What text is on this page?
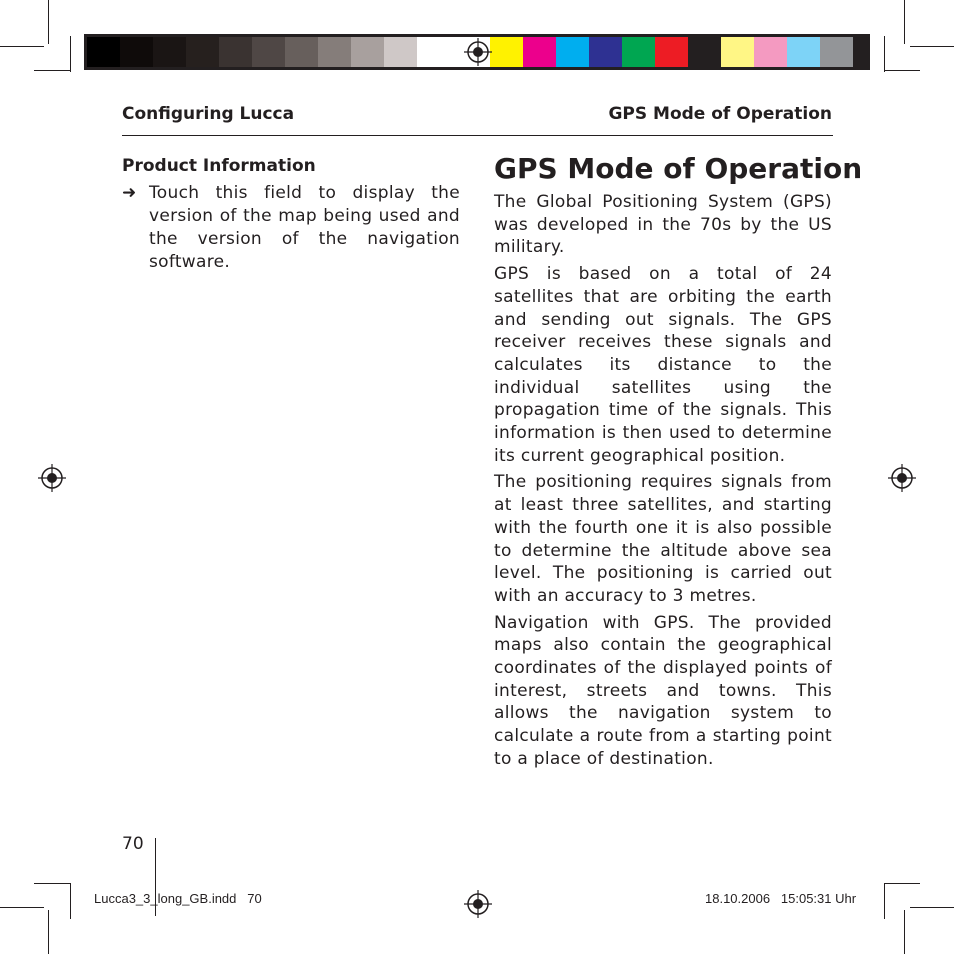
Configuring Lucca	GPS Mode of Operation
Product Information
➜ Touch this field to display the version of the map being used and the version of the navigation software.
GPS Mode of Operation

The Global Positioning System (GPS) was developed in the 70s by the US military.

GPS is based on a total of 24 satellites that are orbiting the earth and sending out signals. The GPS receiver receives these signals and calculates its distance to the individual satellites using the propagation time of the signals. This information is then used to determine its current geographical position.

The positioning requires signals from at least three satellites, and starting with the fourth one it is also possible to determine the altitude above sea level. The positioning is carried out with an accuracy to 3 metres.

Navigation with GPS. The provided maps also contain the geographical coordinates of the displayed points of interest, streets and towns. This allows the navigation system to calculate a route from a starting point to a place of destination.

70
Lucca3_3_long_GB.indd   70	18.10.2006   15:05:31 Uhr
